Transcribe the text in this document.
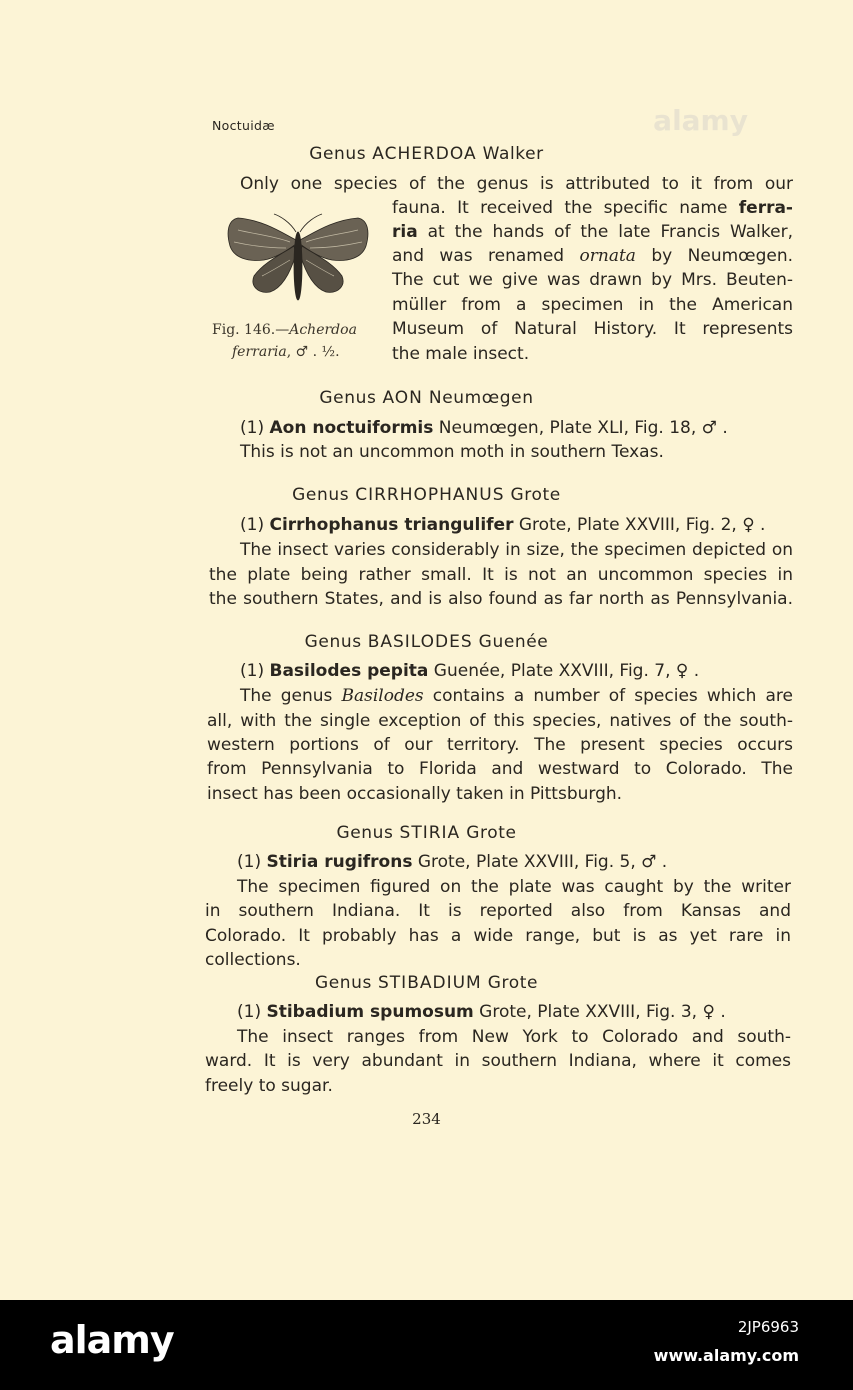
alamy
Noctuidæ
Genus ACHERDOA Walker
Only one species of the genus is attributed to it from our
fauna. It received the specific name ferra-
ria at the hands of the late Francis Walker,
and was renamed ornata by Neumœgen.
The cut we give was drawn by Mrs. Beuten-
müller from a specimen in the American
Museum of Natural History. It represents
the male insect.
Fig. 146.—Acherdoa
ferraria, ♂ . ½.
Genus AON Neumœgen
(1) Aon noctuiformis Neumœgen, Plate XLI, Fig. 18, ♂ .
This is not an uncommon moth in southern Texas.
Genus CIRRHOPHANUS Grote
(1) Cirrhophanus triangulifer Grote, Plate XXVIII, Fig. 2, ♀ .
The insect varies considerably in size, the specimen depicted on
the plate being rather small. It is not an uncommon species in
the southern States, and is also found as far north as Pennsylvania.
Genus BASILODES Guenée
(1) Basilodes pepita Guenée, Plate XXVIII, Fig. 7, ♀ .
The genus Basilodes contains a number of species which are
all, with the single exception of this species, natives of the south-
western portions of our territory. The present species occurs
from Pennsylvania to Florida and westward to Colorado. The
insect has been occasionally taken in Pittsburgh.
Genus STIRIA Grote
(1) Stiria rugifrons Grote, Plate XXVIII, Fig. 5, ♂ .
The specimen figured on the plate was caught by the writer
in southern Indiana. It is reported also from Kansas and
Colorado. It probably has a wide range, but is as yet rare in
collections.
Genus STIBADIUM Grote
(1) Stibadium spumosum Grote, Plate XXVIII, Fig. 3, ♀ .
The insect ranges from New York to Colorado and south-
ward. It is very abundant in southern Indiana, where it comes
freely to sugar.
234
alamy	2JP6963
www.alamy.com
